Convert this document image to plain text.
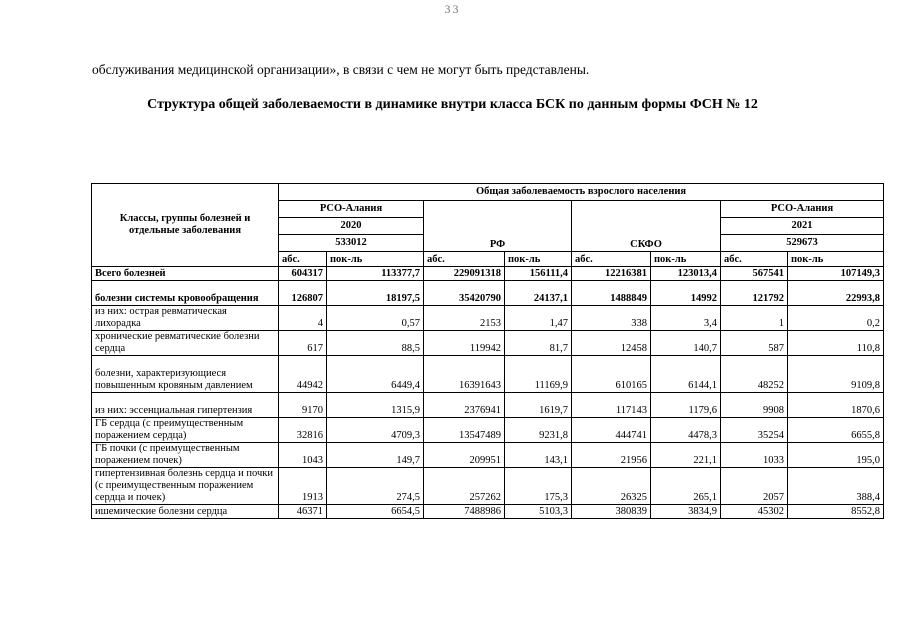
33
обслуживания медицинской организации», в связи с чем не могут быть представлены.
Структура общей заболеваемости в динамике внутри класса БСК по данным формы ФСН № 12
Классы, группы болезней и отдельные заболевания	Общая заболеваемость взрослого населения							
	РСО-Алания		РФ		СКФО		РСО-Алания	
	2020						2021	
	533012						529673	
	абс.	пок-ль	абс.	пок-ль	абс.	пок-ль	абс.	пок-ль
Всего болезней	604317	113377,7	229091318	156111,4	12216381	123013,4	567541	107149,3
болезни системы кровообращения	126807	18197,5	35420790	24137,1	1488849	14992	121792	22993,8
из них: острая ревматическая лихорадка	4	0,57	2153	1,47	338	3,4	1	0,2
хронические ревматические болезни сердца	617	88,5	119942	81,7	12458	140,7	587	110,8
болезни, характеризующиеся повышенным кровяным давлением	44942	6449,4	16391643	11169,9	610165	6144,1	48252	9109,8
из них: эссенциальная гипертензия	9170	1315,9	2376941	1619,7	117143	1179,6	9908	1870,6
ГБ сердца (с преимущественным поражением сердца)	32816	4709,3	13547489	9231,8	444741	4478,3	35254	6655,8
ГБ почки (с преимущественным поражением почек)	1043	149,7	209951	143,1	21956	221,1	1033	195,0
гипертензивная болезнь сердца и почки (с преимущественным поражением сердца и почек)	1913	274,5	257262	175,3	26325	265,1	2057	388,4
ишемические болезни сердца	46371	6654,5	7488986	5103,3	380839	3834,9	45302	8552,8
